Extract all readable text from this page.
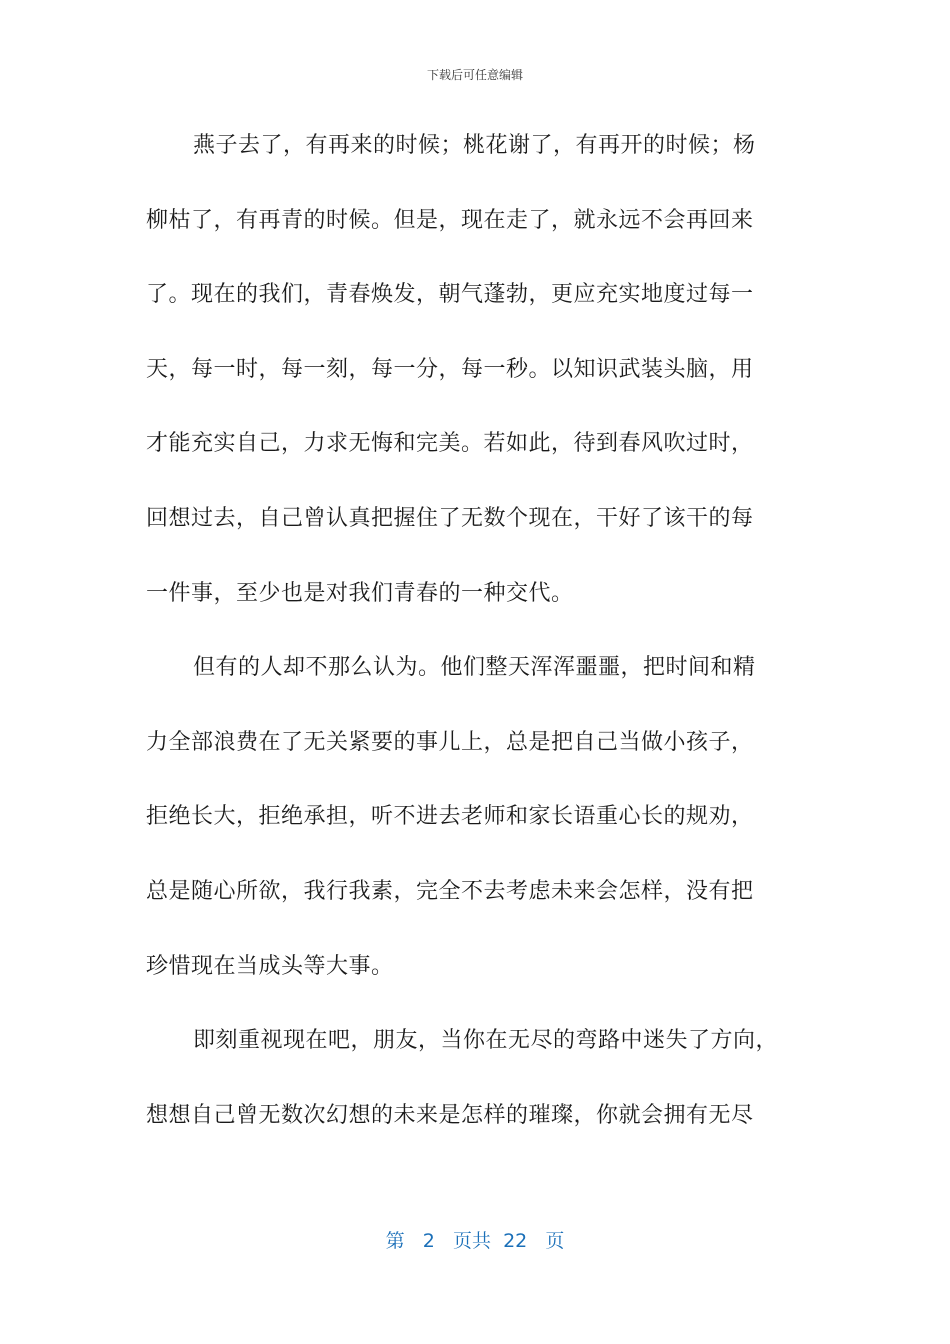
下载后可任意编辑
燕子去了，有再来的时候；桃花谢了，有再开的时候；杨
柳枯了，有再青的时候。但是，现在走了，就永远不会再回来
了。现在的我们，青春焕发，朝气蓬勃，更应充实地度过每一
天，每一时，每一刻，每一分，每一秒。以知识武装头脑，用
才能充实自己，力求无悔和完美。若如此，待到春风吹过时，
回想过去，自己曾认真把握住了无数个现在，干好了该干的每
一件事，至少也是对我们青春的一种交代。
但有的人却不那么认为。他们整天浑浑噩噩，把时间和精
力全部浪费在了无关紧要的事儿上，总是把自己当做小孩子，
拒绝长大，拒绝承担，听不进去老师和家长语重心长的规劝，
总是随心所欲，我行我素，完全不去考虑未来会怎样，没有把
珍惜现在当成头等大事。
即刻重视现在吧，朋友，当你在无尽的弯路中迷失了方向，
想想自己曾无数次幻想的未来是怎样的璀璨，你就会拥有无尽
第 2 页共 22 页
